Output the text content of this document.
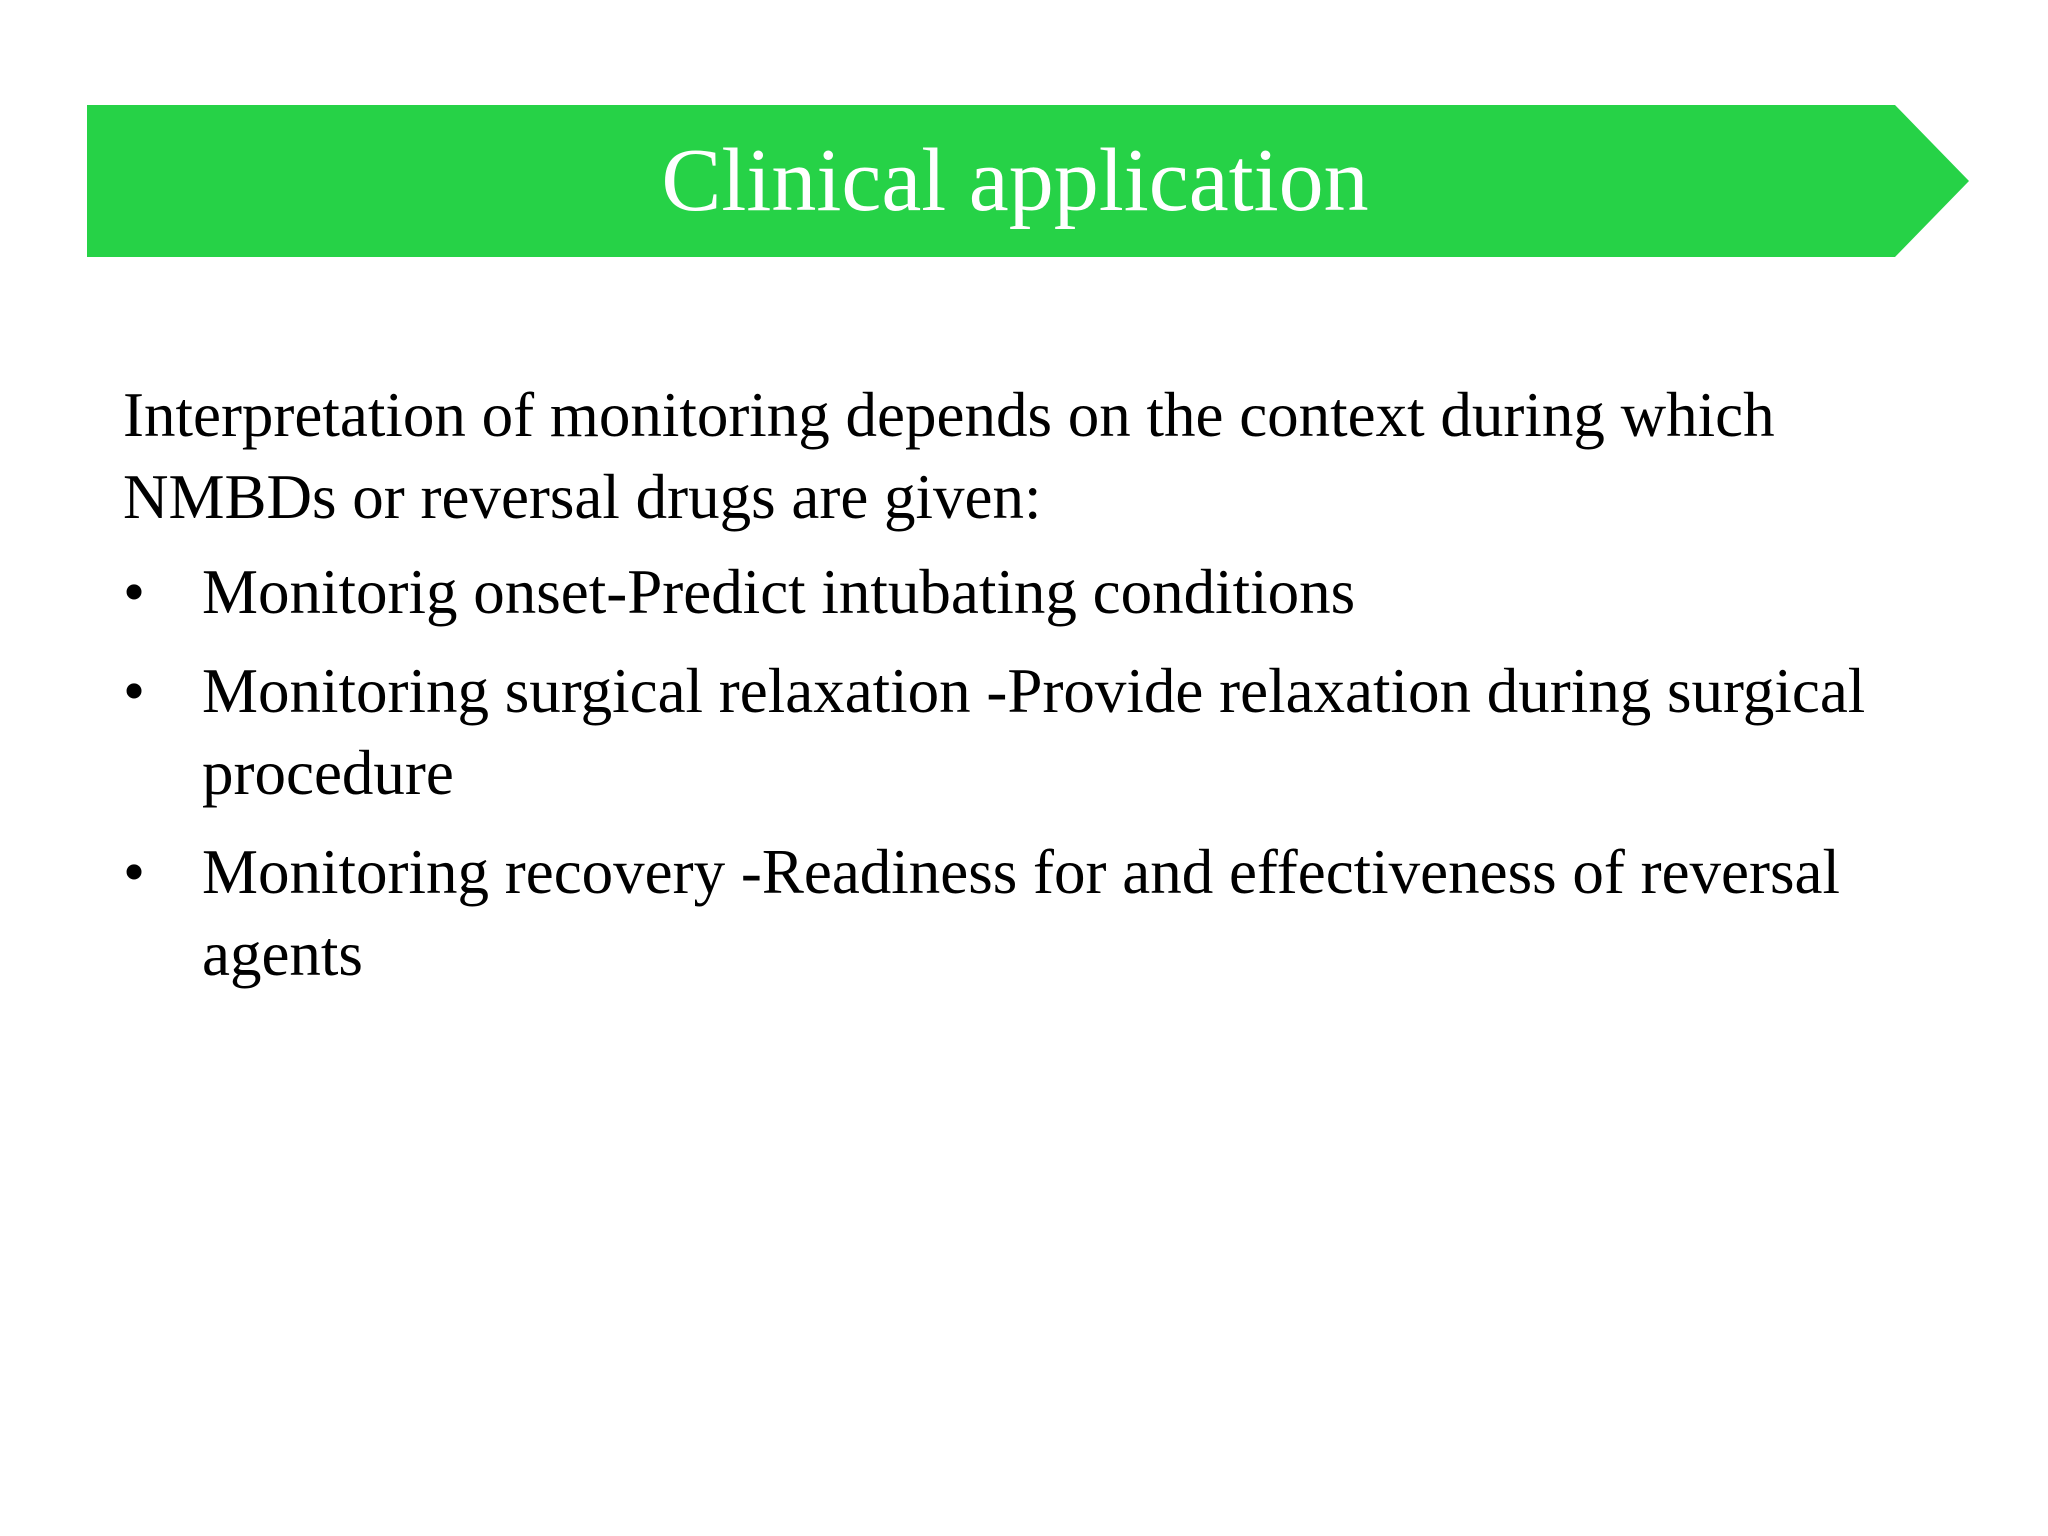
Clinical application

Interpretation of monitoring depends on the context during which NMBDs or reversal drugs are given:

• Monitorig onset-Predict intubating conditions
• Monitoring surgical relaxation -Provide relaxation during surgical procedure
• Monitoring recovery -Readiness for and effectiveness of reversal agents
